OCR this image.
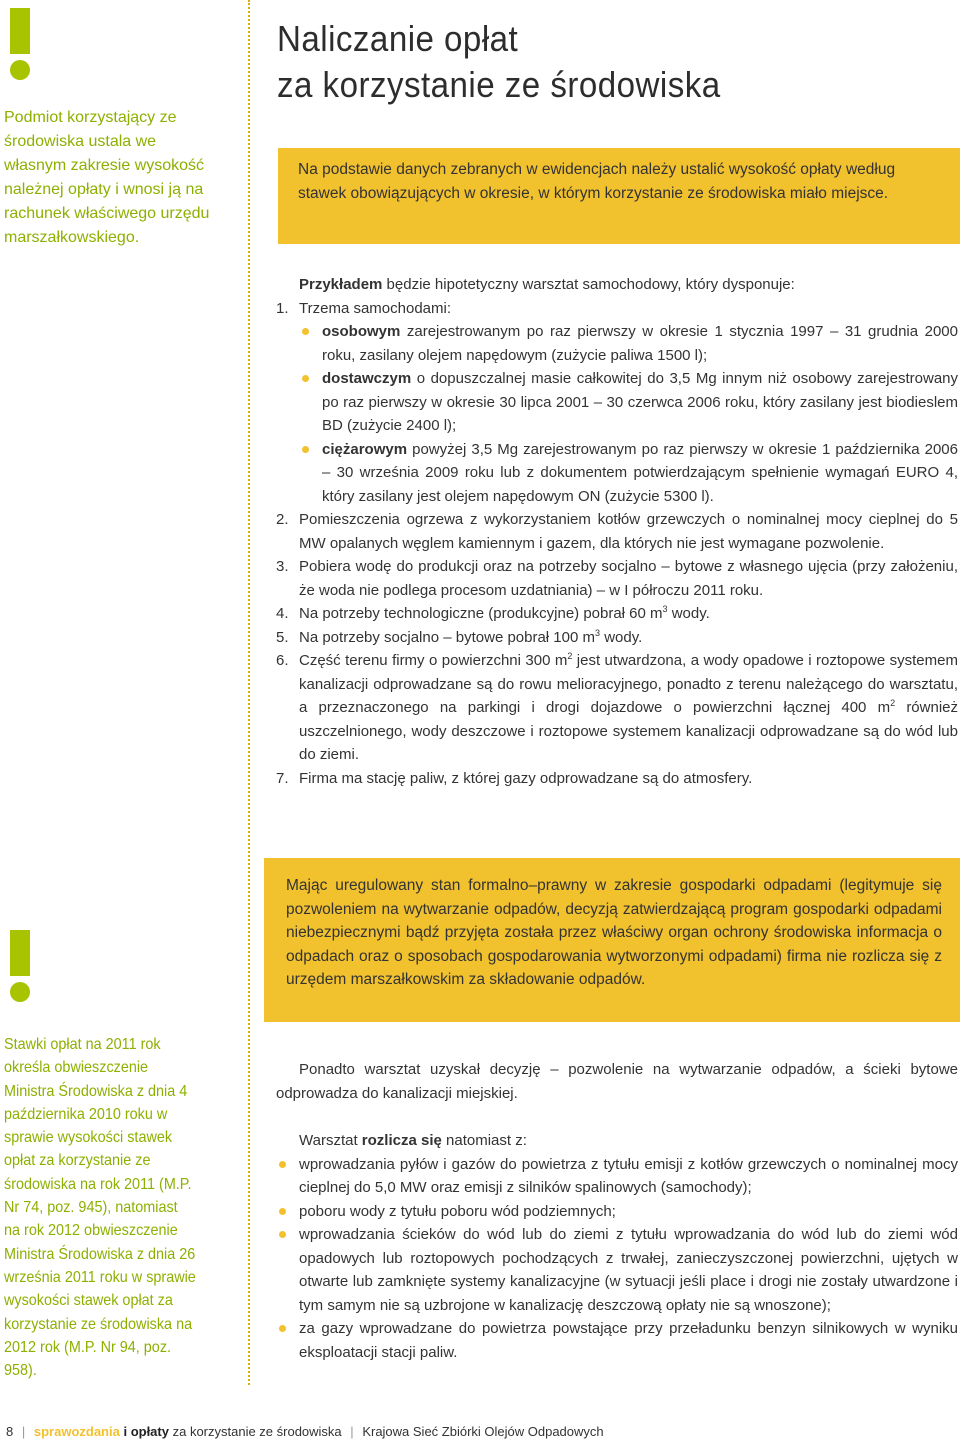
Podmiot korzystający ze środowiska ustala we własnym zakresie wysokość należnej opłaty i wnosi ją na rachunek właściwego urzędu marszałkowskiego.
Naliczanie opłat
za korzystanie ze środowiska
Na podstawie danych zebranych w ewidencjach należy ustalić wysokość opłaty według stawek obowiązujących w okresie, w którym korzystanie ze środowiska miało miejsce.

Przykładem będzie hipotetyczny warsztat samochodowy, który dysponuje:

1. Trzema samochodami:
osobowym zarejestrowanym po raz pierwszy w okresie 1 stycznia 1997 – 31 grudnia 2000 roku, zasilany olejem napędowym (zużycie paliwa 1500 l);
dostawczym o dopuszczalnej masie całkowitej do 3,5 Mg innym niż osobowy zarejestrowany po raz pierwszy w okresie 30 lipca 2001 – 30 czerwca 2006 roku, który zasilany jest biodieslem BD (zużycie 2400 l);
ciężarowym powyżej 3,5 Mg zarejestrowanym po raz pierwszy w okresie 1 października 2006 – 30 września 2009 roku lub z dokumentem potwierdzającym spełnienie wymagań EURO 4, który zasilany jest olejem napędowym ON (zużycie 5300 l).
2. Pomieszczenia ogrzewa z wykorzystaniem kotłów grzewczych o nominalnej mocy cieplnej do 5 MW opalanych węglem kamiennym i gazem, dla których nie jest wymagane pozwolenie.
3. Pobiera wodę do produkcji oraz na potrzeby socjalno – bytowe z własnego ujęcia (przy założeniu, że woda nie podlega procesom uzdatniania) – w I półroczu 2011 roku.
4. Na potrzeby technologiczne (produkcyjne) pobrał 60 $m^3$ wody.
5. Na potrzeby socjalno – bytowe pobrał 100 $m^3$ wody.
6. Część terenu firmy o powierzchni 300 $m^2$ jest utwardzona, a wody opadowe i roztopowe systemem kanalizacji odprowadzane są do rowu melioracyjnego, ponadto z terenu należącego do warsztatu, a przeznaczonego na parkingi i drogi dojazdowe o powierzchni łącznej 400 $m^2$ również uszczelnionego, wody deszczowe i roztopowe systemem kanalizacji odprowadzane są do wód lub do ziemi.
7. Firma ma stację paliw, z której gazy odprowadzane są do atmosfery.
Stawki opłat na 2011 rok określa obwieszczenie Ministra Środowiska z dnia 4 października 2010 roku w sprawie wysokości stawek opłat za korzystanie ze środowiska na rok 2011 (M.P. Nr 74, poz. 945), natomiast na rok 2012 obwieszczenie Ministra Środowiska z dnia 26 września 2011 roku w sprawie wysokości stawek opłat za korzystanie ze środowiska na 2012 rok (M.P. Nr 94, poz. 958).
Mając uregulowany stan formalno–prawny w zakresie gospodarki odpadami (legitymuje się pozwoleniem na wytwarzanie odpadów, decyzją zatwierdzającą program gospodarki odpadami niebezpiecznymi bądź przyjęta została przez właściwy organ ochrony środowiska informacja o odpadach oraz o sposobach gospodarowania wytworzonymi odpadami) firma nie rozlicza się z urzędem marszałkowskim za składowanie odpadów.
Ponadto warsztat uzyskał decyzję – pozwolenie na wytwarzanie odpadów, a ścieki bytowe odprowadza do kanalizacji miejskiej.

Warsztat rozlicza się natomiast z:

wprowadzania pyłów i gazów do powietrza z tytułu emisji z kotłów grzewczych o nominalnej mocy cieplnej do 5,0 MW oraz emisji z silników spalinowych (samochody);
poboru wody z tytułu poboru wód podziemnych;
wprowadzania ścieków do wód lub do ziemi z tytułu wprowadzania do wód lub do ziemi wód opadowych lub roztopowych pochodzących z trwałej, zanieczyszczonej powierzchni, ujętych w otwarte lub zamknięte systemy kanalizacyjne (w sytuacji jeśli place i drogi nie zostały utwardzone i tym samym nie są uzbrojone w kanalizację deszczową opłaty nie są wnoszone);
za gazy wprowadzane do powietrza powstające przy przeładunku benzyn silnikowych w wyniku eksploatacji stacji paliw.
8 | sprawozdania i opłaty za korzystanie ze środowiska | Krajowa Sieć Zbiórki Olejów Odpadowych
